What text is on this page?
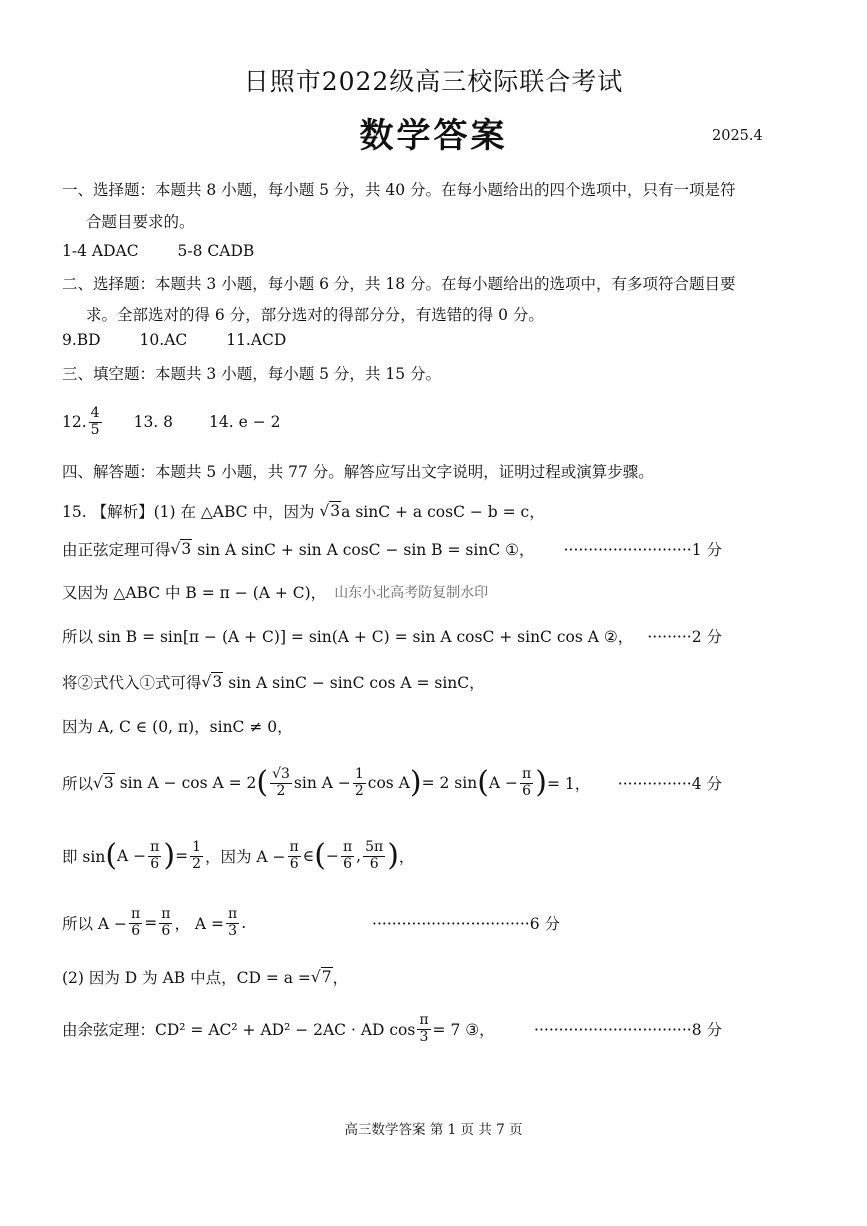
日照市2022级高三校际联合考试
数学答案	2025.4
一、选择题：本题共 8 小题，每小题 5 分，共 40 分。在每小题给出的四个选项中，只有一项是符
合题目要求的。
1-4 ADAC	5-8 CADB
二、选择题：本题共 3 小题，每小题 6 分，共 18 分。在每小题给出的选项中，有多项符合题目要
求。全部选对的得 6 分，部分选对的得部分分，有选错的得 0 分。
9.BD	10.AC	11.ACD
三、填空题：本题共 3 小题，每小题 5 分，共 15 分。
12. $\frac{4}{5} 13$. 8 14. e − 2
四、解答题：本题共 5 小题，共 77 分。解答应写出文字说明，证明过程或演算步骤。
15. 【解析】(1) 在 △ABC 中，因为
√3 a sinC + a cosC − b = c，
由正弦定理可得 √3
sin A sinC + sin A cosC − sin B = sinC ①， ··························1 分
又因为 △ABC 中 B = π − (A + C)， 山东小北高考防复制水印
所以 sin B = sin[π − (A + C)] = sin(A + C) = sin A cosC + sinC cos A ②， ·········2 分
将②式代入①式可得 √3
sin A sinC − sinC cos A = sinC，
因为 A, C ∈ (0, π)，sinC ≠ 0，
所以 √3
sin A − cos A = 2 ( $\frac{√3}{2}$ $\sin A - \frac{1}{2}$ cos A ) = 2 sin ( $A - \frac{\pi}{6}$ ) = 1， ···············4 分
即 sin ( $A - \frac{\pi}{6}$ ) = $\frac{1}{2}$ ，因为 $A - \frac{\pi}{6}$ ∈ ( − $\frac{\pi}{6}$ , $\frac{5\pi}{6}$ ) ，
所以 $A - \frac{\pi}{6} = \frac{\pi}{6}$ ， $A = \frac{\pi}{3}$ .	································6 分
(2) 因为 D 为 AB 中点，CD = a = √7 ，
由余弦定理：CD² = AC² + AD² − 2AC · AD $\cos \frac{\pi}{3} = 7$ ③，	································8 分
高三数学答案 第 1 页 共 7 页
